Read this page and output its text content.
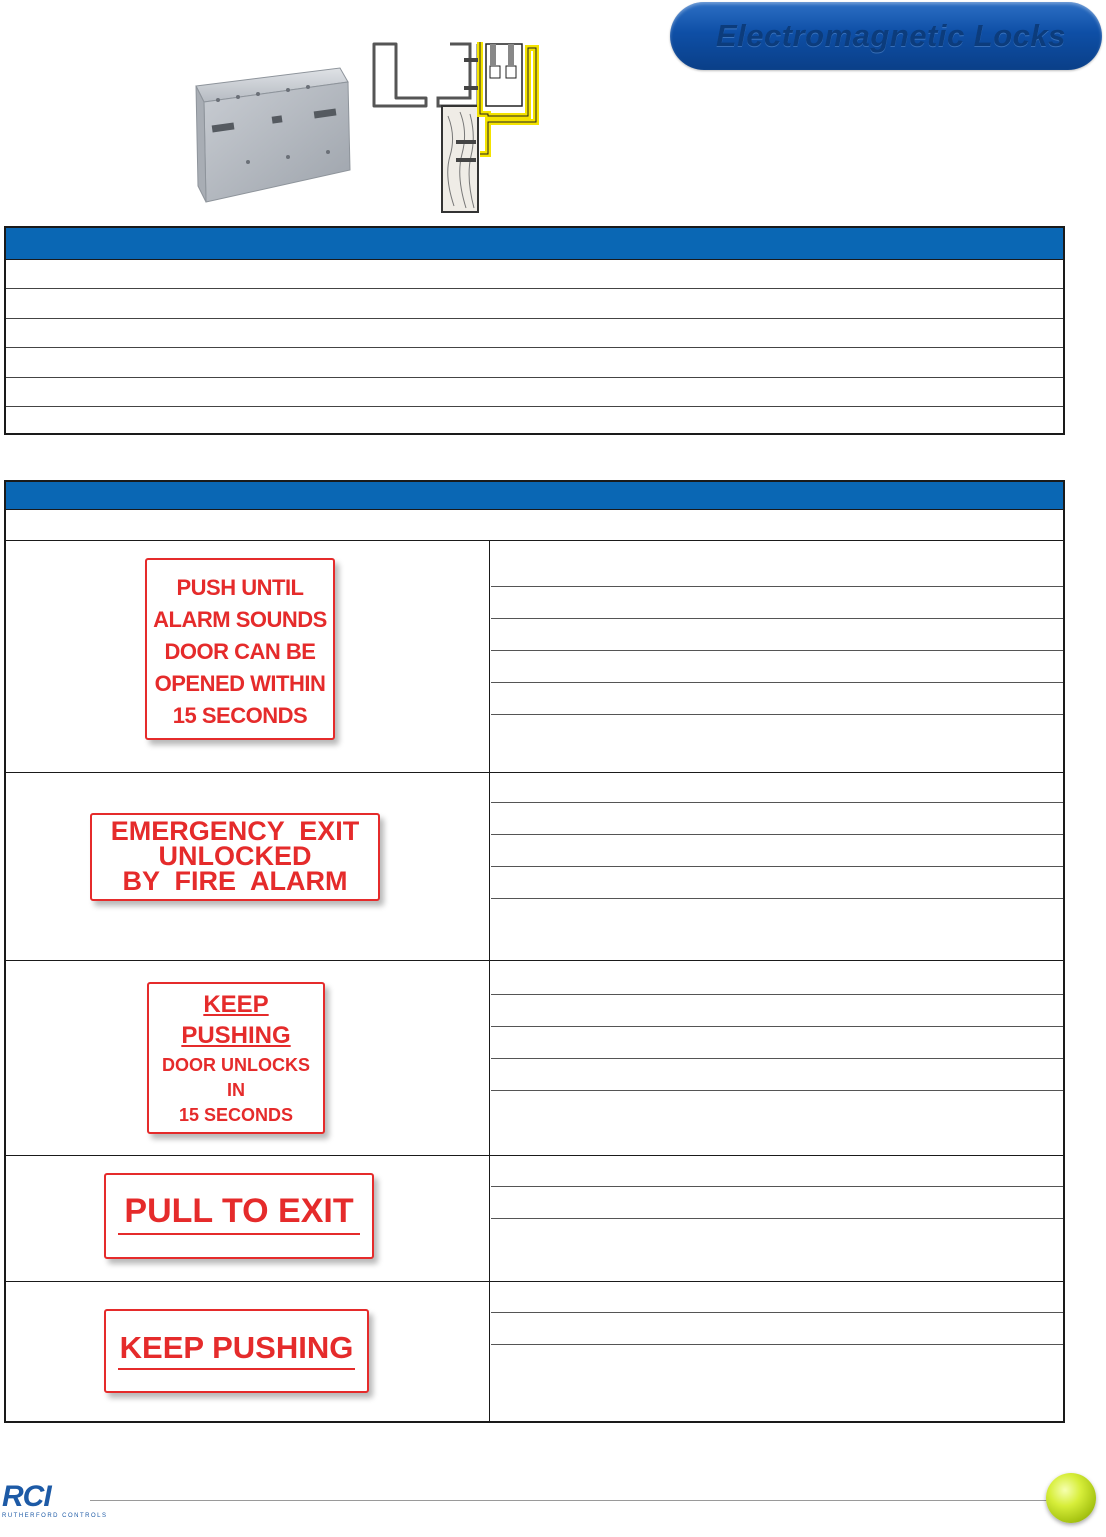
Electromagnetic Locks
PUSH UNTIL
ALARM SOUNDS
DOOR CAN BE
OPENED WITHIN
15 SECONDS
EMERGENCY  EXIT
UNLOCKED
BY  FIRE  ALARM
KEEP
PUSHING
DOOR UNLOCKS
IN
15 SECONDS
PULL TO EXIT
KEEP PUSHING
RCI
RUTHERFORD CONTROLS
